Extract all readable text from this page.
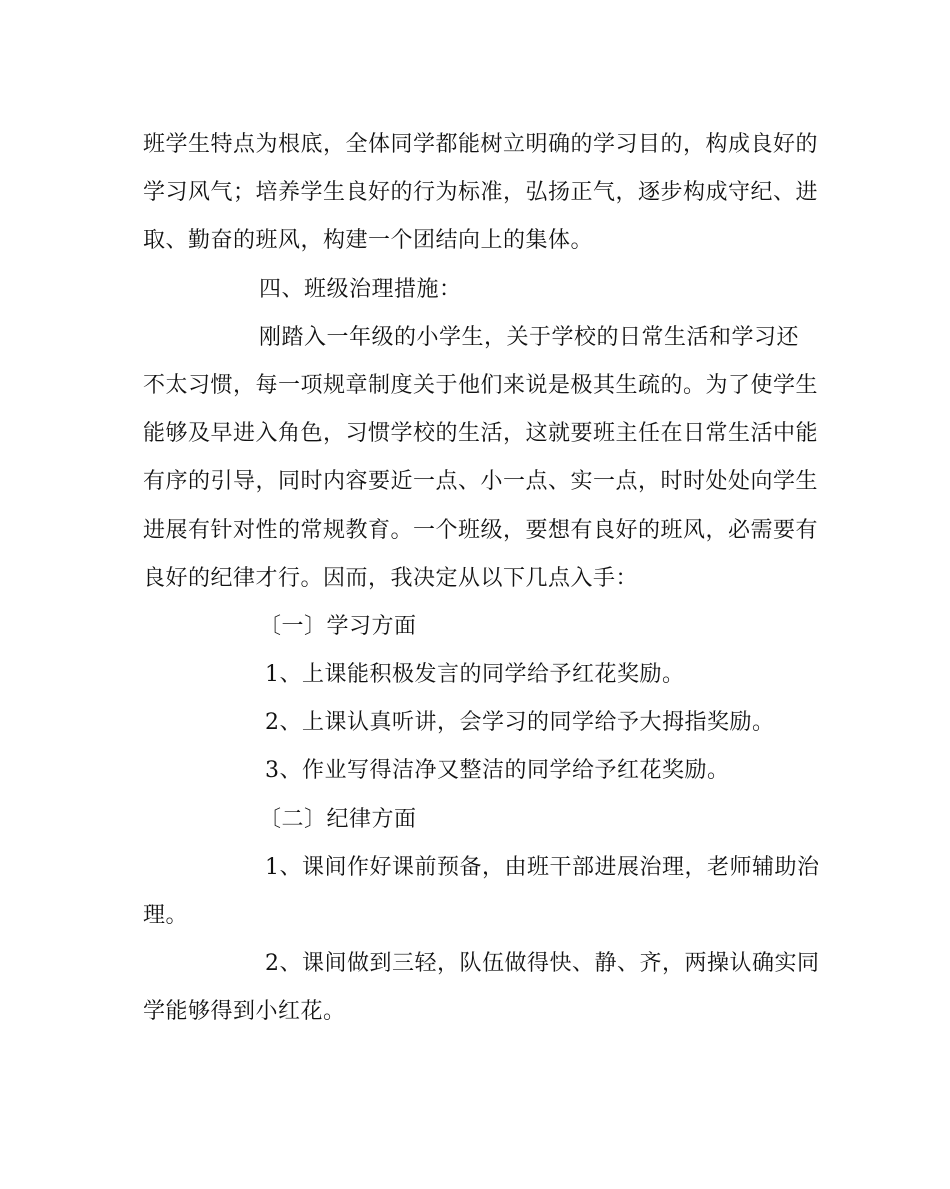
班学生特点为根底，全体同学都能树立明确的学习目的，构成良好的
学习风气；培养学生良好的行为标准，弘扬正气，逐步构成守纪、进
取、勤奋的班风，构建一个团结向上的集体。
四、班级治理措施：
刚踏入一年级的小学生，关于学校的日常生活和学习还
不太习惯，每一项规章制度关于他们来说是极其生疏的。为了使学生
能够及早进入角色，习惯学校的生活，这就要班主任在日常生活中能
有序的引导，同时内容要近一点、小一点、实一点，时时处处向学生
进展有针对性的常规教育。一个班级，要想有良好的班风，必需要有
良好的纪律才行。因而，我决定从以下几点入手：
〔一〕学习方面
1、上课能积极发言的同学给予红花奖励。
2、上课认真听讲，会学习的同学给予大拇指奖励。
3、作业写得洁净又整洁的同学给予红花奖励。
〔二〕纪律方面
1、课间作好课前预备，由班干部进展治理，老师辅助治
理。
2、课间做到三轻，队伍做得快、静、齐，两操认确实同
学能够得到小红花。
